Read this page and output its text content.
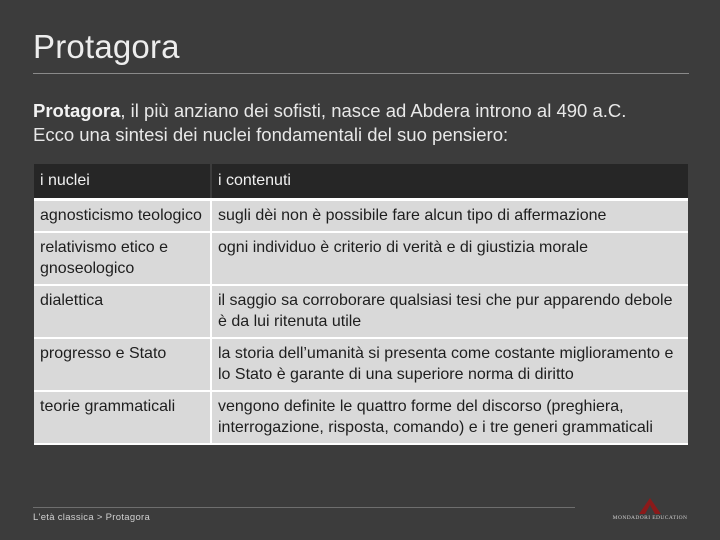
Protagora
Protagora, il più anziano dei sofisti, nasce ad Abdera introno al 490 a.C.
Ecco una sintesi dei nuclei fondamentali del suo pensiero:
i nuclei	i contenuti
agnosticismo teologico	sugli dèi non è possibile fare alcun tipo di affermazione
relativismo etico e gnoseologico	ogni individuo è criterio di verità e di giustizia morale
dialettica	il saggio sa corroborare qualsiasi tesi che pur apparendo debole è da lui ritenuta utile
progresso e Stato	la storia dell’umanità si presenta come costante miglioramento e lo Stato è garante di una superiore norma di diritto
teorie grammaticali	vengono definite le quattro forme del discorso (preghiera, interrogazione, risposta, comando) e i tre generi grammaticali
L'età classica > Protagora	MONDADORI EDUCATION
